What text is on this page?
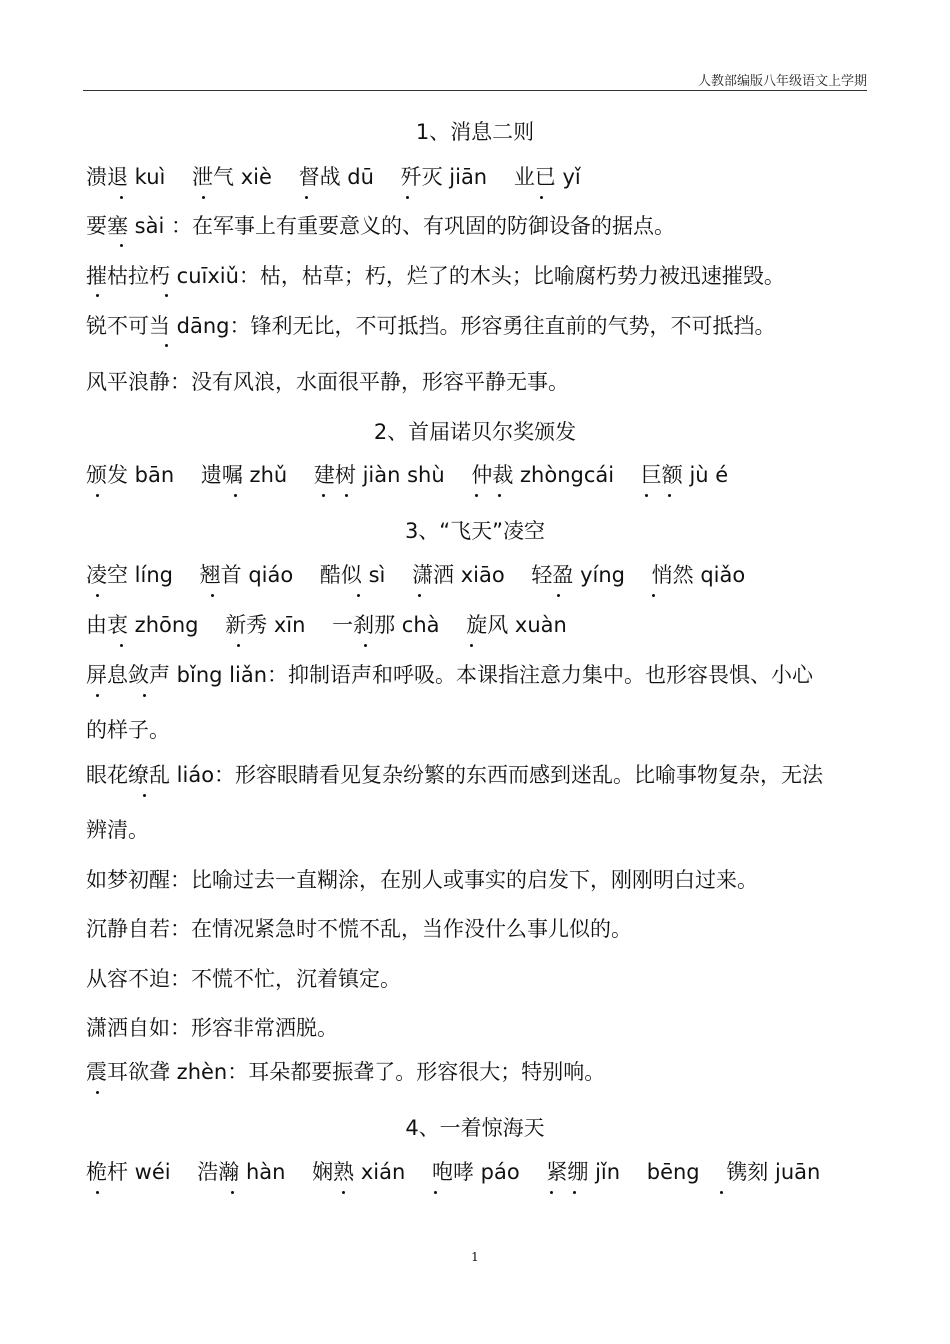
人教部编版八年级语文上学期
1、消息二则
溃退 kuì 泄气 xiè 督战 dū 歼灭 jiān 业已 yǐ
要塞 sài ：在军事上有重要意义的、有巩固的防御设备的据点。
摧枯拉朽 cuīxiǔ：枯，枯草；朽，烂了的木头；比喻腐朽势力被迅速摧毁。
锐不可当 dāng：锋利无比，不可抵挡。形容勇往直前的气势，不可抵挡。
风平浪静：没有风浪，水面很平静，形容平静无事。
2、首届诺贝尔奖颁发
颁发 bān 遗嘱 zhǔ 建树 jiàn shù 仲裁 zhòngcái 巨额 jù é
3、“飞天”凌空
凌空 líng 翘首 qiáo 酷似 sì 潇洒 xiāo 轻盈 yíng 悄然 qiǎo
由衷 zhōng 新秀 xīn 一刹那 chà 旋风 xuàn
屏息敛声 bǐng liǎn：抑制语声和呼吸。本课指注意力集中。也形容畏惧、小心
的样子。
眼花缭乱 liáo：形容眼睛看见复杂纷繁的东西而感到迷乱。比喻事物复杂，无法
辨清。
如梦初醒：比喻过去一直糊涂，在别人或事实的启发下，刚刚明白过来。
沉静自若：在情况紧急时不慌不乱，当作没什么事儿似的。
从容不迫：不慌不忙，沉着镇定。
潇洒自如：形容非常洒脱。
震耳欲聋 zhèn：耳朵都要振聋了。形容很大；特别响。
4、一着惊海天
桅杆 wéi 浩瀚 hàn 娴熟 xián 咆哮 páo 紧绷 jǐn bēng 镌刻 juān
1
